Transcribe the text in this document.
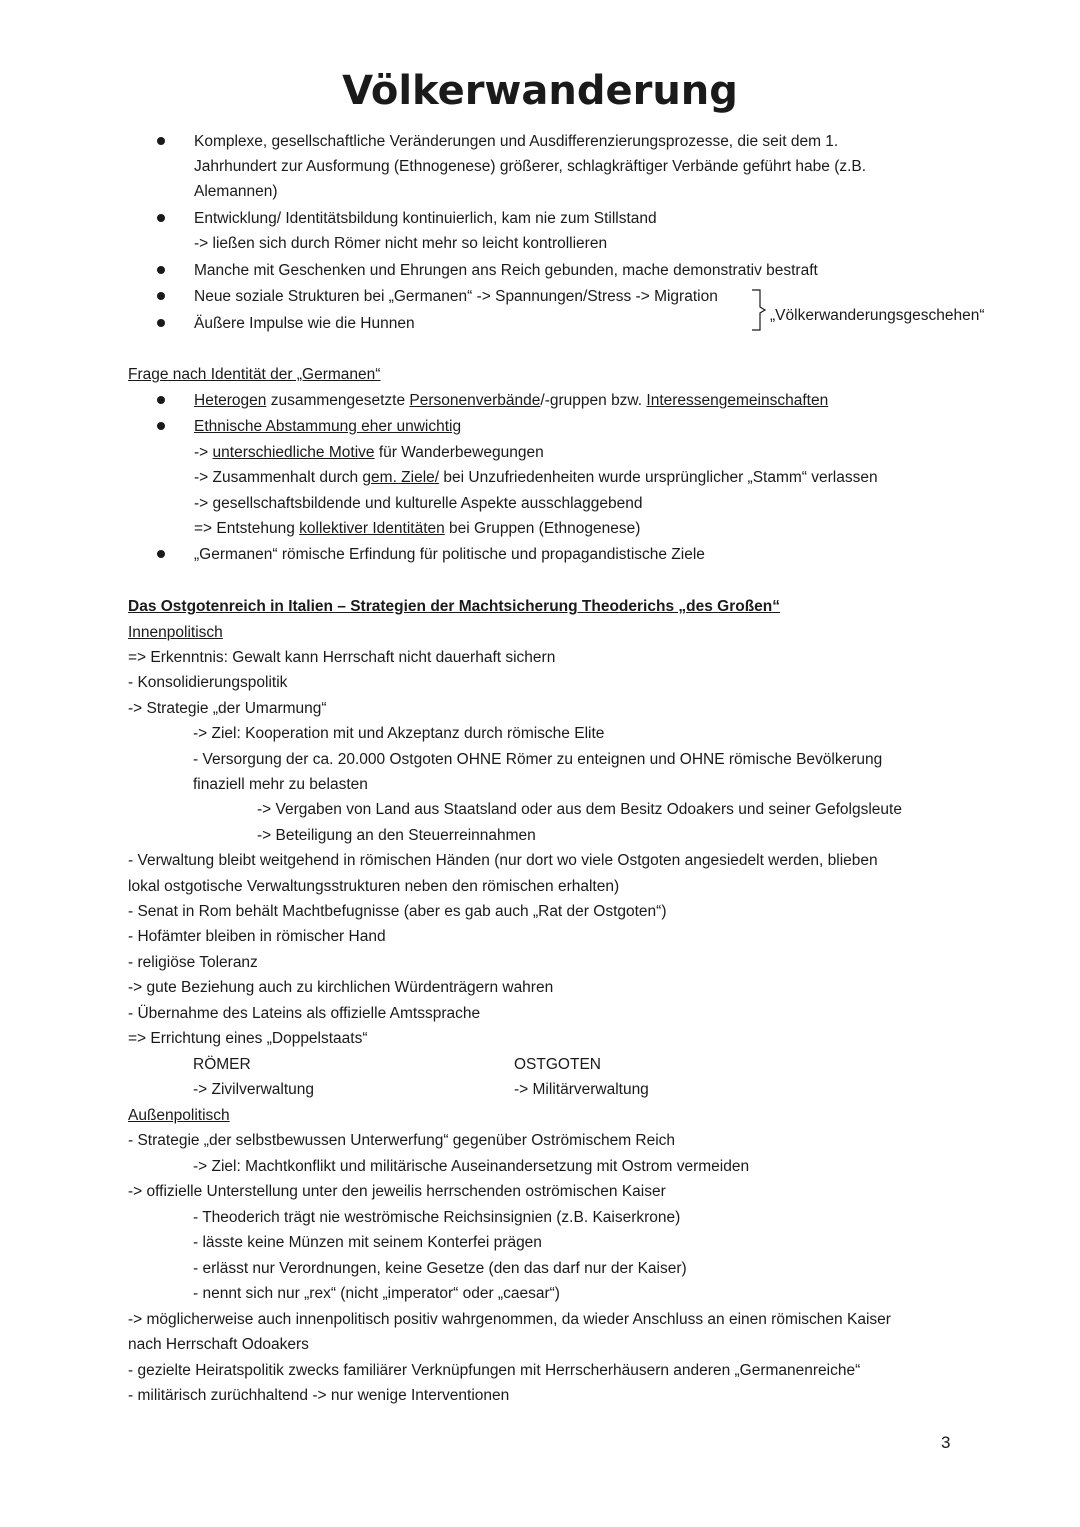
Völkerwanderung

Komplexe, gesellschaftliche Veränderungen und Ausdifferenzierungsprozesse, die seit dem 1.

Jahrhundert zur Ausformung (Ethnogenese) größerer, schlagkräftiger Verbände geführt habe (z.B.

Alemannen)

Entwicklung/ Identitätsbildung kontinuierlich, kam nie zum Stillstand

-> ließen sich durch Römer nicht mehr so leicht kontrollieren

Manche mit Geschenken und Ehrungen ans Reich gebunden, mache demonstrativ bestraft

Neue soziale Strukturen bei „Germanen“ -> Spannungen/Stress -> Migration

Äußere Impulse wie die Hunnen	„Völkerwanderungsgeschehen“

Frage nach Identität der „Germanen“

Heterogen zusammengesetzte Personenverbände/-gruppen bzw. Interessengemeinschaften

Ethnische Abstammung eher unwichtig

-> unterschiedliche Motive für Wanderbewegungen

-> Zusammenhalt durch gem. Ziele/ bei Unzufriedenheiten wurde ursprünglicher „Stamm“ verlassen

-> gesellschaftsbildende und kulturelle Aspekte ausschlaggebend

=> Entstehung kollektiver Identitäten bei Gruppen (Ethnogenese)

„Germanen“ römische Erfindung für politische und propagandistische Ziele

Das Ostgotenreich in Italien – Strategien der Machtsicherung Theoderichs „des Großen“

Innenpolitisch

=> Erkenntnis: Gewalt kann Herrschaft nicht dauerhaft sichern

- Konsolidierungspolitik

-> Strategie „der Umarmung“

-> Ziel: Kooperation mit und Akzeptanz durch römische Elite

- Versorgung der ca. 20.000 Ostgoten OHNE Römer zu enteignen und OHNE römische Bevölkerung

finaziell mehr zu belasten

-> Vergaben von Land aus Staatsland oder aus dem Besitz Odoakers und seiner Gefolgsleute

-> Beteiligung an den Steuerreinnahmen

- Verwaltung bleibt weitgehend in römischen Händen (nur dort wo viele Ostgoten angesiedelt werden, blieben

lokal ostgotische Verwaltungsstrukturen neben den römischen erhalten)

- Senat in Rom behält Machtbefugnisse (aber es gab auch „Rat der Ostgoten“)

- Hofämter bleiben in römischer Hand

- religiöse Toleranz

-> gute Beziehung auch zu kirchlichen Würdenträgern wahren

- Übernahme des Lateins als offizielle Amtssprache

=> Errichtung eines „Doppelstaats“

RÖMER	OSTGOTEN

-> Zivilverwaltung	-> Militärverwaltung

Außenpolitisch

- Strategie „der selbstbewussen Unterwerfung“ gegenüber Oströmischem Reich

-> Ziel: Machtkonflikt und militärische Auseinandersetzung mit Ostrom vermeiden

-> offizielle Unterstellung unter den jeweilis herrschenden oströmischen Kaiser

- Theoderich trägt nie weströmische Reichsinsignien (z.B. Kaiserkrone)

- lässte keine Münzen mit seinem Konterfei prägen

- erlässt nur Verordnungen, keine Gesetze (den das darf nur der Kaiser)

- nennt sich nur „rex“ (nicht „imperator“ oder „caesar“)

-> möglicherweise auch innenpolitisch positiv wahrgenommen, da wieder Anschluss an einen römischen Kaiser

nach Herrschaft Odoakers

- gezielte Heiratspolitik zwecks familiärer Verknüpfungen mit Herrscherhäusern anderen „Germanenreiche“

- militärisch zurüchhaltend -> nur wenige Interventionen

3
